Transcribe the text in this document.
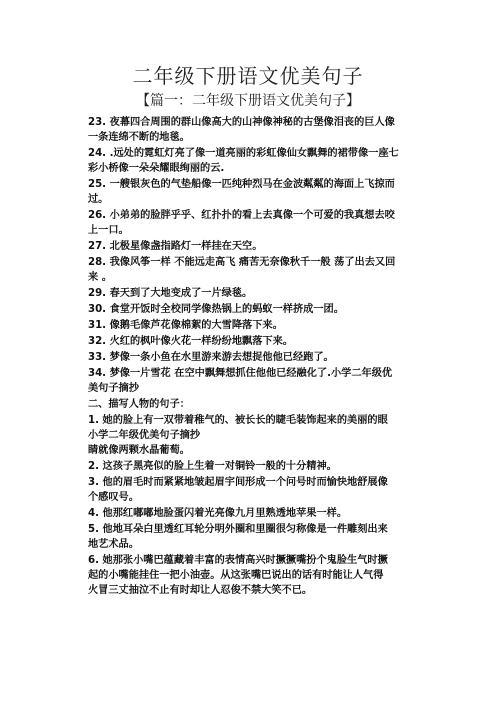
二年级下册语文优美句子
【篇一：二年级下册语文优美句子】
23. 夜幕四合周围的群山像高大的山神像神秘的古堡像泪丧的巨人像
一条连绵不断的地毯。
24. .远处的霓虹灯亮了像一道亮丽的彩虹像仙女飘舞的裙带像一座七
彩小桥像一朵朵耀眼绚丽的云.
25. 一艘银灰色的气垫船像一匹纯种烈马在金波粼粼的海面上飞掠而
过。
26. 小弟弟的脸胖乎乎、红扑扑的看上去真像一个可爱的我真想去咬
上一口。
27. 北极星像盏指路灯一样挂在天空。
28. 我像风筝一样 不能远走高飞 痛苦无奈像秋千一般 荡了出去又回
来 。
29. 春天到了大地变成了一片绿毯。
30. 食堂开饭时全校同学像热锅上的蚂蚁一样挤成一团。
31. 像鹅毛像芦花像棉絮的大雪降落下来。
32. 火红的枫叶像火花一样纷纷地飘落下来。
33. 梦像一条小鱼在水里游来游去想捉他他已经跑了。
34. 梦像一片雪花 在空中飘舞想抓住他他已经融化了.小学二年级优
美句子摘抄
二、描写人物的句子：
1. 她的脸上有一双带着稚气的、被长长的睫毛装饰起来的美丽的眼
小学二年级优美句子摘抄
睛就像两颗水晶葡萄。
2. 这孩子黑亮似的脸上生着一对铜铃一般的十分精神。
3. 他的眉毛时而紧紧地皱起眉宇间形成一个问号时而愉快地舒展像
个感叹号。
4. 他那红嘟嘟地脸蛋闪着光亮像九月里熟透地苹果一样。
5. 他地耳朵白里透红耳轮分明外圈和里圈很匀称像是一件雕刻出来
地艺术品。
6. 她那张小嘴巴蕴藏着丰富的表情高兴时撅撅嘴扮个鬼脸生气时撅
起的小嘴能挂住一把小油壶。从这张嘴巴说出的话有时能让人气得
火冒三丈抽泣不止有时却让人忍俊不禁大笑不已。
